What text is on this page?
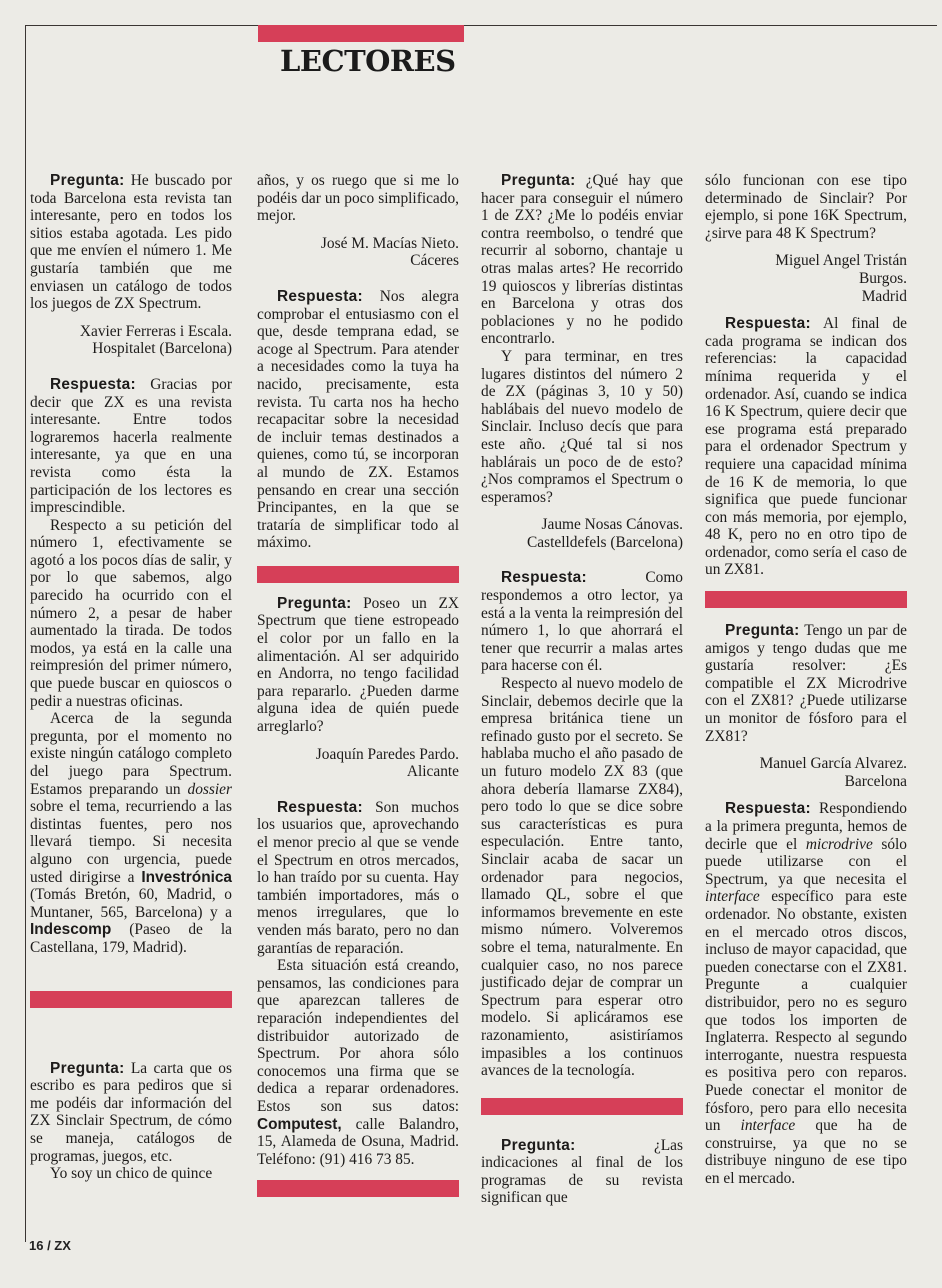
LECTORES

Pregunta: He buscado por toda Barcelona esta revista tan interesante, pero en todos los sitios estaba agotada. Les pido que me envíen el número 1. Me gustaría también que me enviasen un catálogo de todos los juegos de ZX Spectrum.

Xavier Ferreras i Escala.

Hospitalet (Barcelona)

Respuesta: Gracias por decir que ZX es una revista interesante. Entre todos lograremos hacerla realmente interesante, ya que en una revista como ésta la participación de los lectores es imprescindible.

Respecto a su petición del número 1, efectivamente se agotó a los pocos días de salir, y por lo que sabemos, algo parecido ha ocurrido con el número 2, a pesar de haber aumentado la tirada. De todos modos, ya está en la calle una reimpresión del primer número, que puede buscar en quioscos o pedir a nuestras oficinas.

Acerca de la segunda pregunta, por el momento no existe ningún catálogo completo del juego para Spectrum. Estamos preparando un dossier sobre el tema, recurriendo a las distintas fuentes, pero nos llevará tiempo. Si necesita alguno con urgencia, puede usted dirigirse a Investrónica (Tomás Bretón, 60, Madrid, o Muntaner, 565, Barcelona) y a Indescomp (Paseo de la Castellana, 179, Madrid).

Pregunta: La carta que os escribo es para pediros que si me podéis dar información del ZX Sinclair Spectrum, de cómo se maneja, catálogos de programas, juegos, etc.

Yo soy un chico de quince

años, y os ruego que si me lo podéis dar un poco simplificado, mejor.

José M. Macías Nieto.

Cáceres

Respuesta: Nos alegra comprobar el entusiasmo con el que, desde temprana edad, se acoge al Spectrum. Para atender a necesidades como la tuya ha nacido, precisamente, esta revista. Tu carta nos ha hecho recapacitar sobre la necesidad de incluir temas destinados a quienes, como tú, se incorporan al mundo de ZX. Estamos pensando en crear una sección Principantes, en la que se trataría de simplificar todo al máximo.

Pregunta: Poseo un ZX Spectrum que tiene estropeado el color por un fallo en la alimentación. Al ser adquirido en Andorra, no tengo facilidad para repararlo. ¿Pueden darme alguna idea de quién puede arreglarlo?

Joaquín Paredes Pardo.

Alicante

Respuesta: Son muchos los usuarios que, aprovechando el menor precio al que se vende el Spectrum en otros mercados, lo han traído por su cuenta. Hay también importadores, más o menos irregulares, que lo venden más barato, pero no dan garantías de reparación.

Esta situación está creando, pensamos, las condiciones para que aparezcan talleres de reparación independientes del distribuidor autorizado de Spectrum. Por ahora sólo conocemos una firma que se dedica a reparar ordenadores. Estos son sus datos: Computest, calle Balandro, 15, Alameda de Osuna, Madrid. Teléfono: (91) 416 73 85.

Pregunta: ¿Qué hay que hacer para conseguir el número 1 de ZX? ¿Me lo podéis enviar contra reembolso, o tendré que recurrir al soborno, chantaje u otras malas artes? He recorrido 19 quioscos y librerías distintas en Barcelona y otras dos poblaciones y no he podido encontrarlo.

Y para terminar, en tres lugares distintos del número 2 de ZX (páginas 3, 10 y 50) hablábais del nuevo modelo de Sinclair. Incluso decís que para este año. ¿Qué tal si nos hablárais un poco de de esto? ¿Nos compramos el Spectrum o esperamos?

Jaume Nosas Cánovas.

Castelldefels (Barcelona)

Respuesta:	Como respondemos a otro lector, ya está a la venta la reimpresión del número 1, lo que ahorrará el tener que recurrir a malas artes para hacerse con él.

Respecto al nuevo modelo de Sinclair, debemos decirle que la empresa británica tiene un refinado gusto por el secreto. Se hablaba mucho el año pasado de un futuro modelo ZX 83 (que ahora debería llamarse ZX84), pero todo lo que se dice sobre sus características es pura especulación. Entre tanto, Sinclair acaba de sacar un ordenador para negocios, llamado QL, sobre el que informamos brevemente en este mismo número. Volveremos sobre el tema, naturalmente. En cualquier caso, no nos parece justificado dejar de comprar un Spectrum para esperar otro modelo. Si aplicáramos ese razonamiento, asistiríamos impasibles a los continuos avances de la tecnología.

Pregunta:	¿Las indicaciones al final de los programas de su revista significan que

sólo funcionan con ese tipo determinado de Sinclair? Por ejemplo, si pone 16K Spectrum, ¿sirve para 48 K Spectrum?

Miguel Angel Tristán

Burgos.

Madrid

Respuesta: Al final de cada programa se indican dos referencias: la capacidad mínima requerida y el ordenador. Así, cuando se indica 16 K Spectrum, quiere decir que ese programa está preparado para el ordenador Spectrum y requiere una capacidad mínima de 16 K de memoria, lo que significa que puede funcionar con más memoria, por ejemplo, 48 K, pero no en otro tipo de ordenador, como sería el caso de un ZX81.

Pregunta: Tengo un par de amigos y tengo dudas que me gustaría resolver: ¿Es compatible el ZX Microdrive con el ZX81? ¿Puede utilizarse un monitor de fósforo para el ZX81?

Manuel García Alvarez.

Barcelona

Respuesta: Respondiendo a la primera pregunta, hemos de decirle que el microdrive sólo puede utilizarse con el Spectrum, ya que necesita el interface específico para este ordenador. No obstante, existen en el mercado otros discos, incluso de mayor capacidad, que pueden conectarse con el ZX81. Pregunte a cualquier distribuidor, pero no es seguro que todos los importen de Inglaterra. Respecto al segundo interrogante, nuestra respuesta es positiva pero con reparos. Puede conectar el monitor de fósforo, pero para ello necesita un interface que ha de construirse, ya que no se distribuye ninguno de ese tipo en el mercado.

16 / ZX
